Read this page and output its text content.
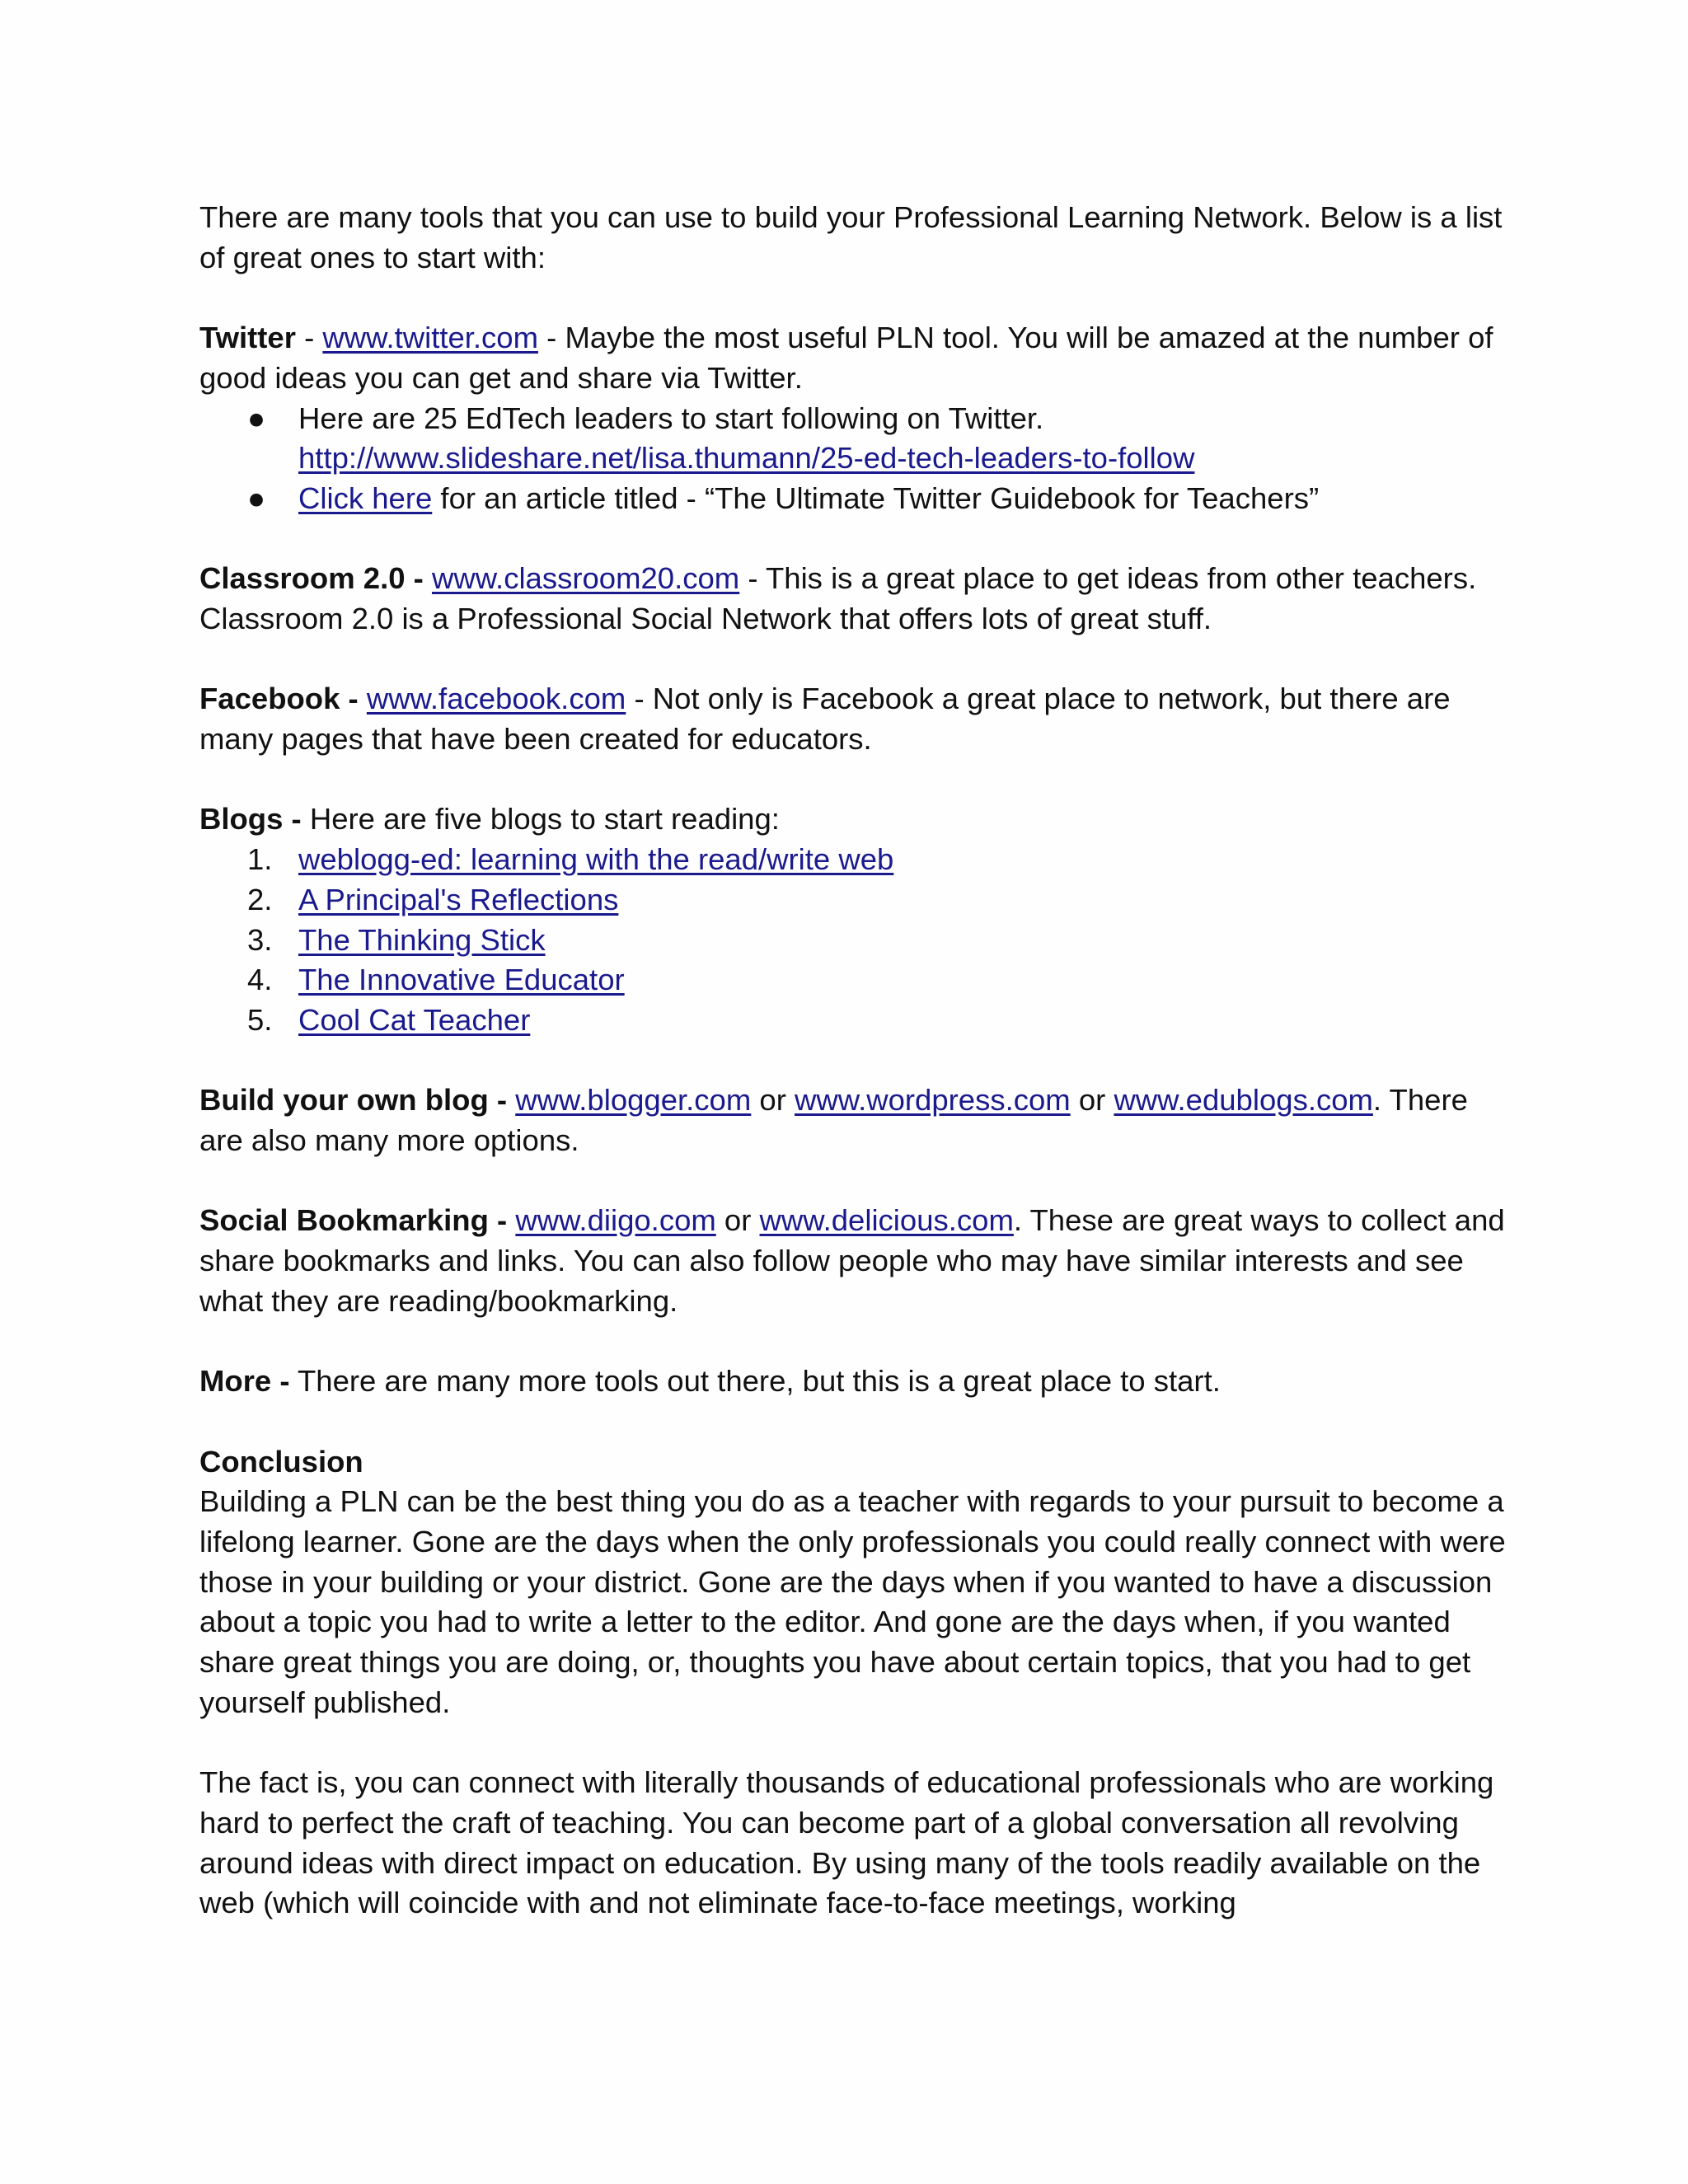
There are many tools that you can use to build your Professional Learning Network. Below is a list of great ones to start with:

Twitter - www.twitter.com - Maybe the most useful PLN tool. You will be amazed at the number of good ideas you can get and share via Twitter.

● Here are 25 EdTech leaders to start following on Twitter.
http://www.slideshare.net/lisa.thumann/25-ed-tech-leaders-to-follow
● Click here for an article titled - “The Ultimate Twitter Guidebook for Teachers”

Classroom 2.0 - www.classroom20.com - This is a great place to get ideas from other teachers. Classroom 2.0 is a Professional Social Network that offers lots of great stuff.

Facebook - www.facebook.com - Not only is Facebook a great place to network, but there are many pages that have been created for educators.

Blogs - Here are five blogs to start reading:

1. weblogg-ed: learning with the read/write web
2. A Principal's Reflections
3. The Thinking Stick
4. The Innovative Educator
5. Cool Cat Teacher

Build your own blog - www.blogger.com or www.wordpress.com or www.edublogs.com. There are also many more options.

Social Bookmarking - www.diigo.com or www.delicious.com. These are great ways to collect and share bookmarks and links. You can also follow people who may have similar interests and see what they are reading/bookmarking.

More - There are many more tools out there, but this is a great place to start.

Conclusion

Building a PLN can be the best thing you do as a teacher with regards to your pursuit to become a lifelong learner. Gone are the days when the only professionals you could really connect with were those in your building or your district. Gone are the days when if you wanted to have a discussion about a topic you had to write a letter to the editor. And gone are the days when, if you wanted share great things you are doing, or, thoughts you have about certain topics, that you had to get yourself published.

The fact is, you can connect with literally thousands of educational professionals who are working hard to perfect the craft of teaching. You can become part of a global conversation all revolving around ideas with direct impact on education. By using many of the tools readily available on the web (which will coincide with and not eliminate face-to-face meetings, working
